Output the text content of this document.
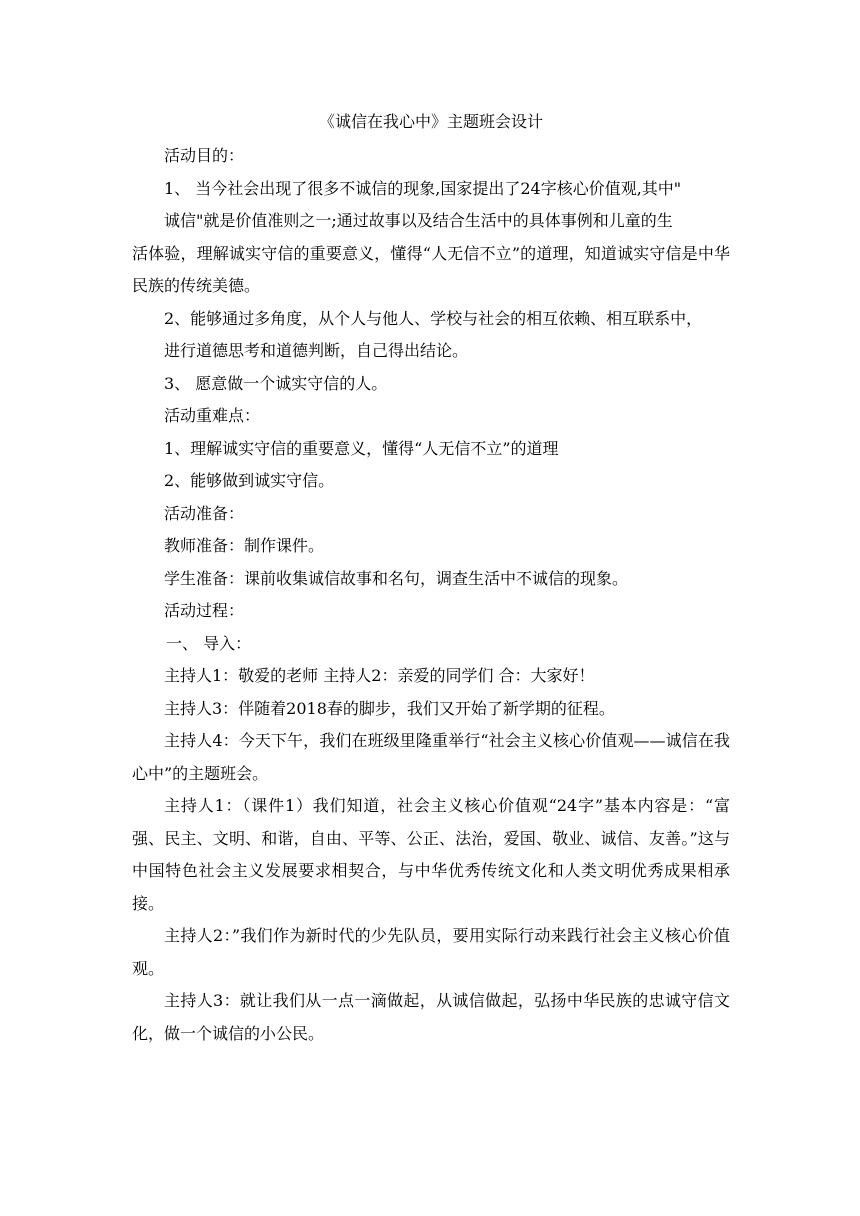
《诚信在我心中》主题班会设计

活动目的：

1、 当今社会出现了很多不诚信的现象,国家提出了24字核心价值观,其中"

诚信"就是价值准则之一;通过故事以及结合生活中的具体事例和儿童的生

活体验，理解诚实守信的重要意义，懂得“人无信不立”的道理，知道诚实守信是中华民族的传统美德。

2、能够通过多角度，从个人与他人、学校与社会的相互依赖、相互联系中，

进行道德思考和道德判断，自己得出结论。

3、 愿意做一个诚实守信的人。

活动重难点：

1、理解诚实守信的重要意义，懂得“人无信不立”的道理

2、能够做到诚实守信。

活动准备：

教师准备：制作课件。

学生准备：课前收集诚信故事和名句，调查生活中不诚信的现象。

活动过程：

一、 导入：

主持人1：敬爱的老师 主持人2：亲爱的同学们 合：大家好！

主持人3：伴随着2018春的脚步，我们又开始了新学期的征程。

主持人4：今天下午，我们在班级里隆重举行“社会主义核心价值观——诚信在我心中”的主题班会。

主持人1：（课件1）我们知道，社会主义核心价值观“24字”基本内容是：“富强、民主、文明、和谐，自由、平等、公正、法治，爱国、敬业、诚信、友善。”这与中国特色社会主义发展要求相契合，与中华优秀传统文化和人类文明优秀成果相承接。

主持人2：”我们作为新时代的少先队员，要用实际行动来践行社会主义核心价值观。

主持人3：就让我们从一点一滴做起，从诚信做起，弘扬中华民族的忠诚守信文化，做一个诚信的小公民。
